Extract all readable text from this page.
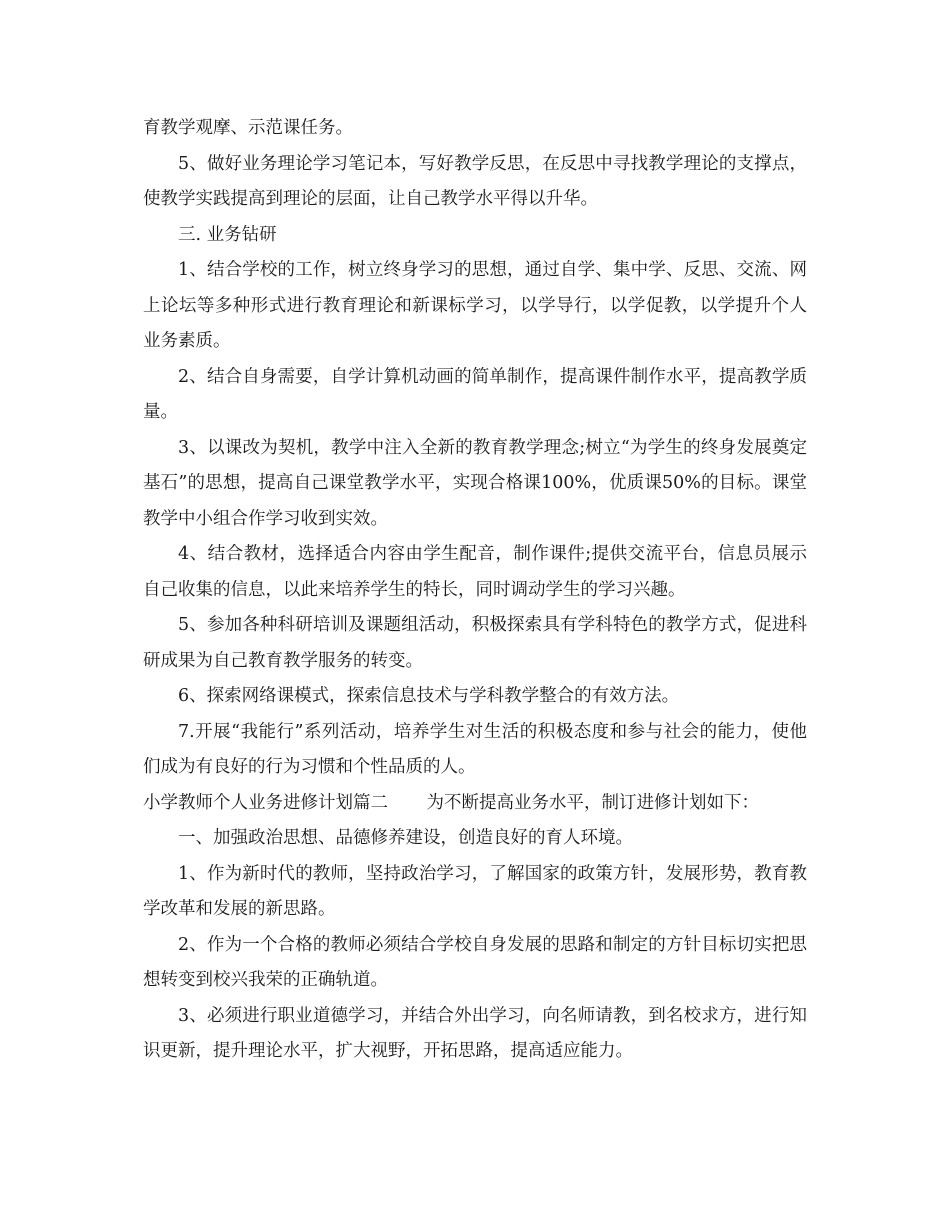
育教学观摩、示范课任务。

5、做好业务理论学习笔记本，写好教学反思，在反思中寻找教学理论的支撑点，使教学实践提高到理论的层面，让自己教学水平得以升华。

三. 业务钻研

1、结合学校的工作，树立终身学习的思想，通过自学、集中学、反思、交流、网上论坛等多种形式进行教育理论和新课标学习，以学导行，以学促教，以学提升个人业务素质。

2、结合自身需要，自学计算机动画的简单制作，提高课件制作水平，提高教学质量。

3、以课改为契机，教学中注入全新的教育教学理念;树立“为学生的终身发展奠定基石”的思想，提高自己课堂教学水平，实现合格课100%，优质课50%的目标。课堂教学中小组合作学习收到实效。

4、结合教材，选择适合内容由学生配音，制作课件;提供交流平台，信息员展示自己收集的信息，以此来培养学生的特长，同时调动学生的学习兴趣。

5、参加各种科研培训及课题组活动，积极探索具有学科特色的教学方式，促进科研成果为自己教育教学服务的转变。

6、探索网络课模式，探索信息技术与学科教学整合的有效方法。

7.开展“我能行”系列活动，培养学生对生活的积极态度和参与社会的能力，使他们成为有良好的行为习惯和个性品质的人。

小学教师个人业务进修计划篇二 为不断提高业务水平，制订进修计划如下：

一、加强政治思想、品德修养建设，创造良好的育人环境。

1、作为新时代的教师，坚持政治学习，了解国家的政策方针，发展形势，教育教学改革和发展的新思路。

2、作为一个合格的教师必须结合学校自身发展的思路和制定的方针目标切实把思想转变到校兴我荣的正确轨道。

3、必须进行职业道德学习，并结合外出学习，向名师请教，到名校求方，进行知识更新，提升理论水平，扩大视野，开拓思路，提高适应能力。
